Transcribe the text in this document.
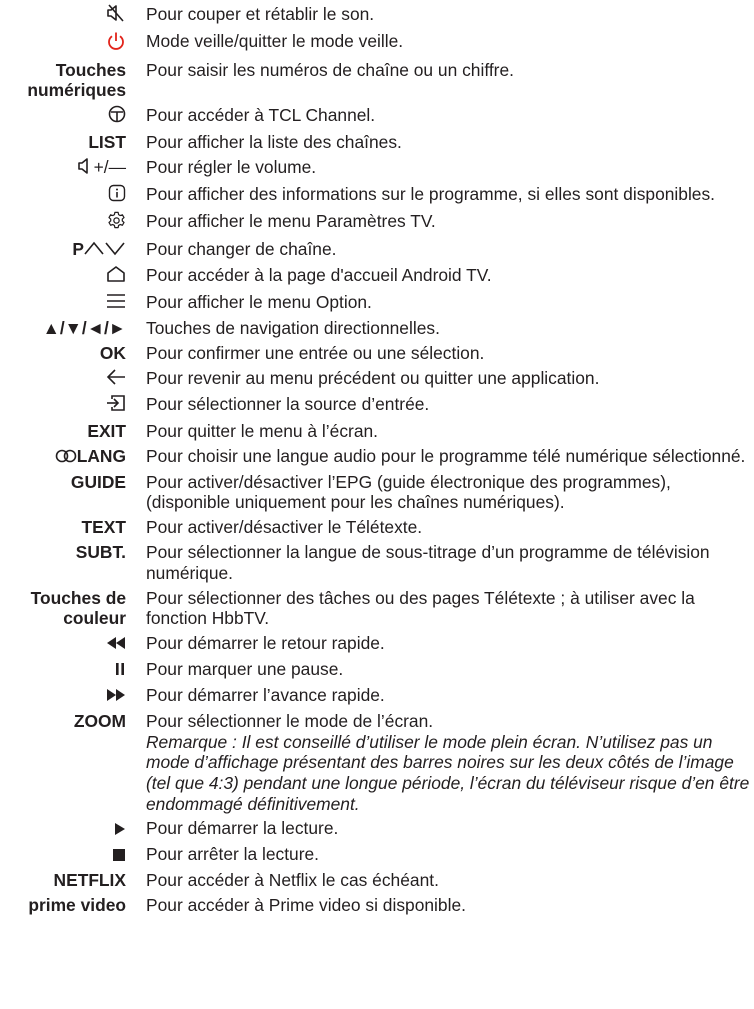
Pour couper et rétablir le son.
Mode veille/quitter le mode veille.
Touches
numériques
Pour saisir les numéros de chaîne ou un chiffre.
Pour accéder à TCL Channel.
LIST Pour afficher la liste des chaînes.
+/— Pour régler le volume.
Pour afficher des informations sur le programme, si elles sont disponibles.
Pour afficher le menu Paramètres TV.
P	Pour changer de chaîne.
Pour accéder à la page d'accueil Android TV.
Pour afficher le menu Option.
▲/▼/◄/► Touches de navigation directionnelles.
OK Pour confirmer une entrée ou une sélection.
Pour revenir au menu précédent ou quitter une application.
Pour sélectionner la source d’entrée.
EXIT Pour quitter le menu à l’écran.
LANG Pour choisir une langue audio pour le programme télé numérique sélectionné.
GUIDE Pour activer/désactiver l’EPG (guide électronique des programmes), (disponible uniquement pour les chaînes numériques).
TEXT Pour activer/désactiver le Télétexte.
SUBT. Pour sélectionner la langue de sous-titrage d’un programme de télévision numérique.
Touches de
couleur
Pour sélectionner des tâches ou des pages Télétexte ; à utiliser avec la fonction HbbTV.
Pour démarrer le retour rapide.
Pour marquer une pause.
Pour démarrer l’avance rapide.
ZOOM Pour sélectionner le mode de l’écran.
Remarque : Il est conseillé d’utiliser le mode plein écran. N’utilisez pas un mode d’affichage présentant des barres noires sur les deux côtés de l’image (tel que 4:3) pendant une longue période, l’écran du téléviseur risque d’en être endommagé définitivement.
Pour démarrer la lecture.
Pour arrêter la lecture.
NETFLIX Pour accéder à Netflix le cas échéant.
prime video Pour accéder à Prime video si disponible.
